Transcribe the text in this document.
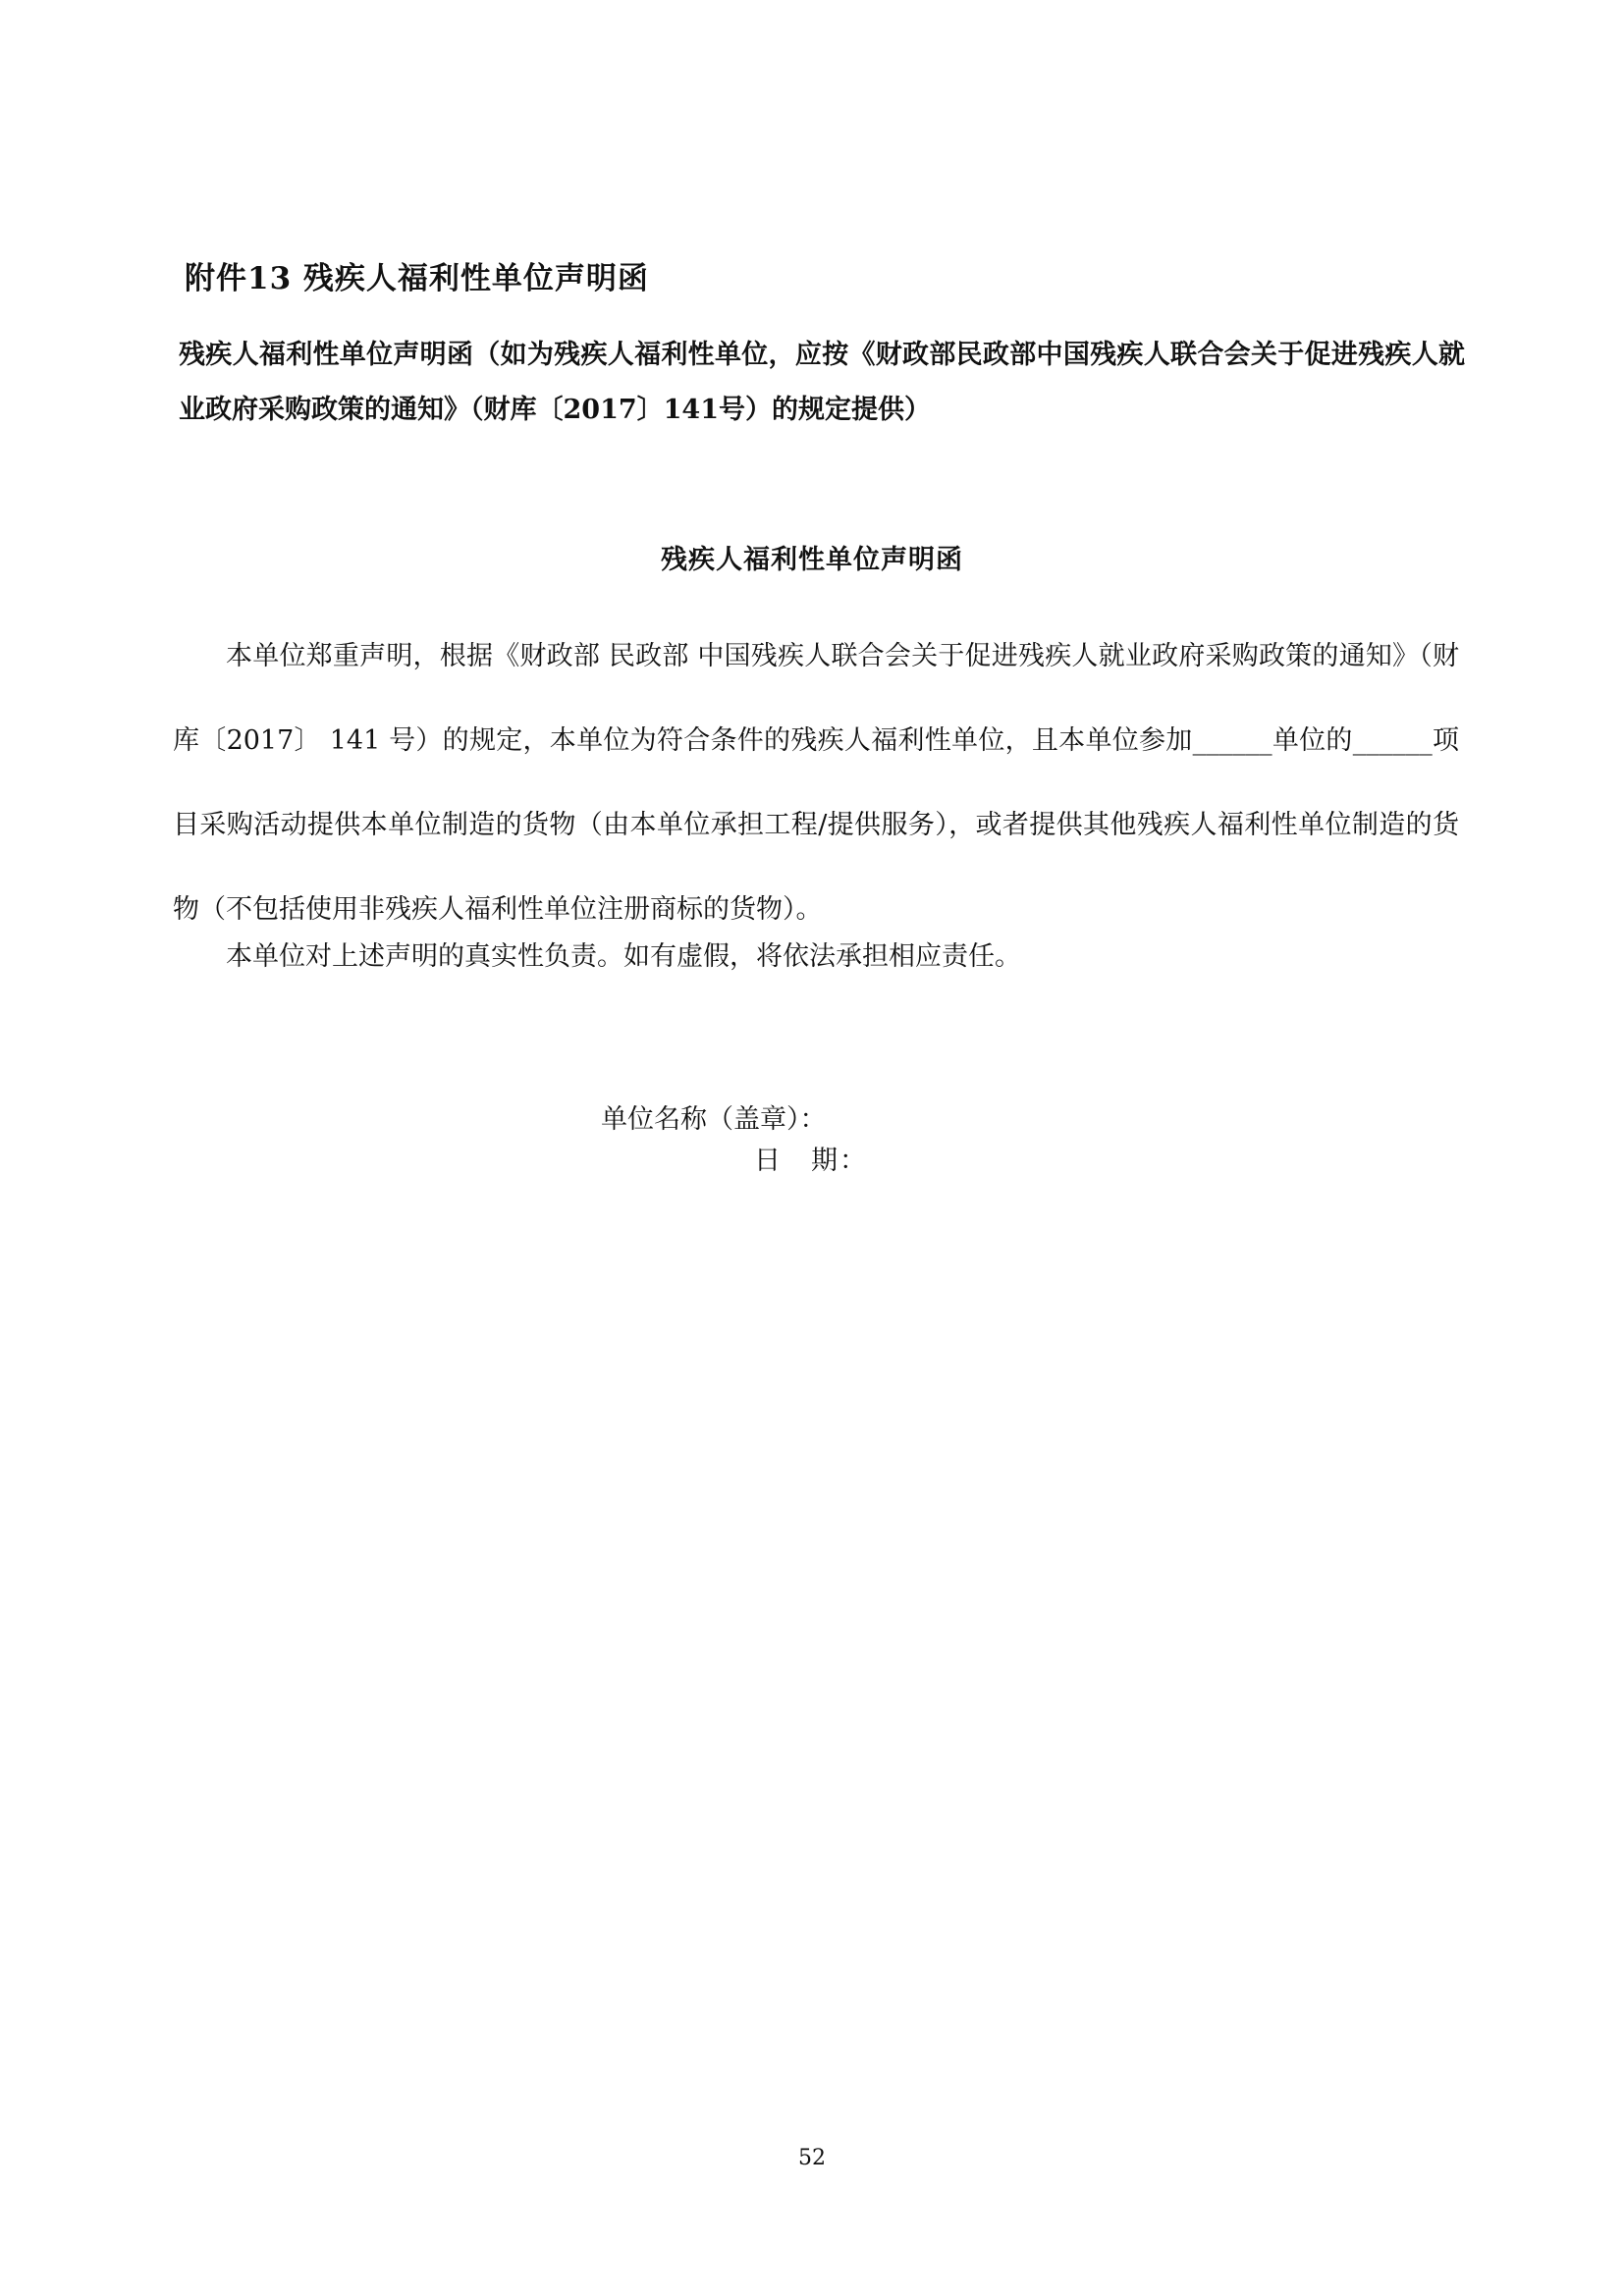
附件13 残疾人福利性单位声明函

残疾人福利性单位声明函（如为残疾人福利性单位，应按《财政部民政部中国残疾人联合会关于促进残疾人就业政府采购政策的通知》（财库〔2017〕141号）的规定提供）

残疾人福利性单位声明函

本单位郑重声明，根据《财政部 民政部 中国残疾人联合会关于促进残疾人就业政府采购政策的通知》（财库〔2017〕 141 号）的规定，本单位为符合条件的残疾人福利性单位，且本单位参加______单位的______项目采购活动提供本单位制造的货物（由本单位承担工程/提供服务），或者提供其他残疾人福利性单位制造的货物（不包括使用非残疾人福利性单位注册商标的货物）。

本单位对上述声明的真实性负责。如有虚假，将依法承担相应责任。

单位名称（盖章）：
日　期：
52
